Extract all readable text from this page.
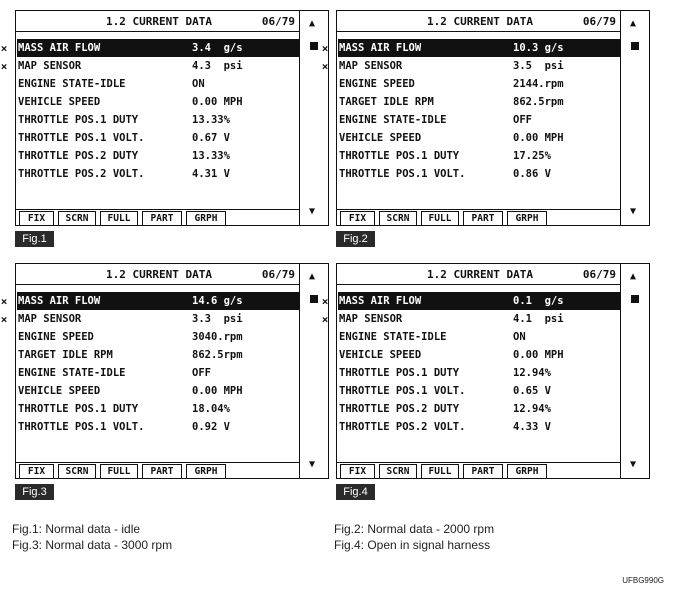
1.2 CURRENT DATA	06/79 ▲
▼
× MASS AIR FLOW	3.4  g/s
× MAP SENSOR	4.3  psi
ENGINE STATE-IDLE	ON
VEHICLE SPEED	0.00 MPH
THROTTLE POS.1 DUTY	13.33%
THROTTLE POS.1 VOLT.	0.67 V
THROTTLE POS.2 DUTY	13.33%
THROTTLE POS.2 VOLT.	4.31 V
FIX	SCRN	FULL	PART	GRPH
Fig.1
1.2 CURRENT DATA	06/79 ▲
▼
× MASS AIR FLOW	10.3 g/s
× MAP SENSOR	3.5  psi
ENGINE SPEED	2144.rpm
TARGET IDLE RPM	862.5rpm
ENGINE STATE-IDLE	OFF
VEHICLE SPEED	0.00 MPH
THROTTLE POS.1 DUTY	17.25%
THROTTLE POS.1 VOLT.	0.86 V
FIX	SCRN	FULL	PART	GRPH
Fig.2
1.2 CURRENT DATA	06/79 ▲
▼
× MASS AIR FLOW	14.6 g/s
× MAP SENSOR	3.3  psi
ENGINE SPEED	3040.rpm
TARGET IDLE RPM	862.5rpm
ENGINE STATE-IDLE	OFF
VEHICLE SPEED	0.00 MPH
THROTTLE POS.1 DUTY	18.04%
THROTTLE POS.1 VOLT.	0.92 V
FIX	SCRN	FULL	PART	GRPH
Fig.3
1.2 CURRENT DATA	06/79 ▲
▼
× MASS AIR FLOW	0.1  g/s
× MAP SENSOR	4.1  psi
ENGINE STATE-IDLE	ON
VEHICLE SPEED	0.00 MPH
THROTTLE POS.1 DUTY	12.94%
THROTTLE POS.1 VOLT.	0.65 V
THROTTLE POS.2 DUTY	12.94%
THROTTLE POS.2 VOLT.	4.33 V
FIX	SCRN	FULL	PART	GRPH
Fig.4
Fig.1: Normal data - idle
Fig.3: Normal data - 3000 rpm
Fig.2: Normal data - 2000 rpm
Fig.4: Open in signal harness
UFBG990G
